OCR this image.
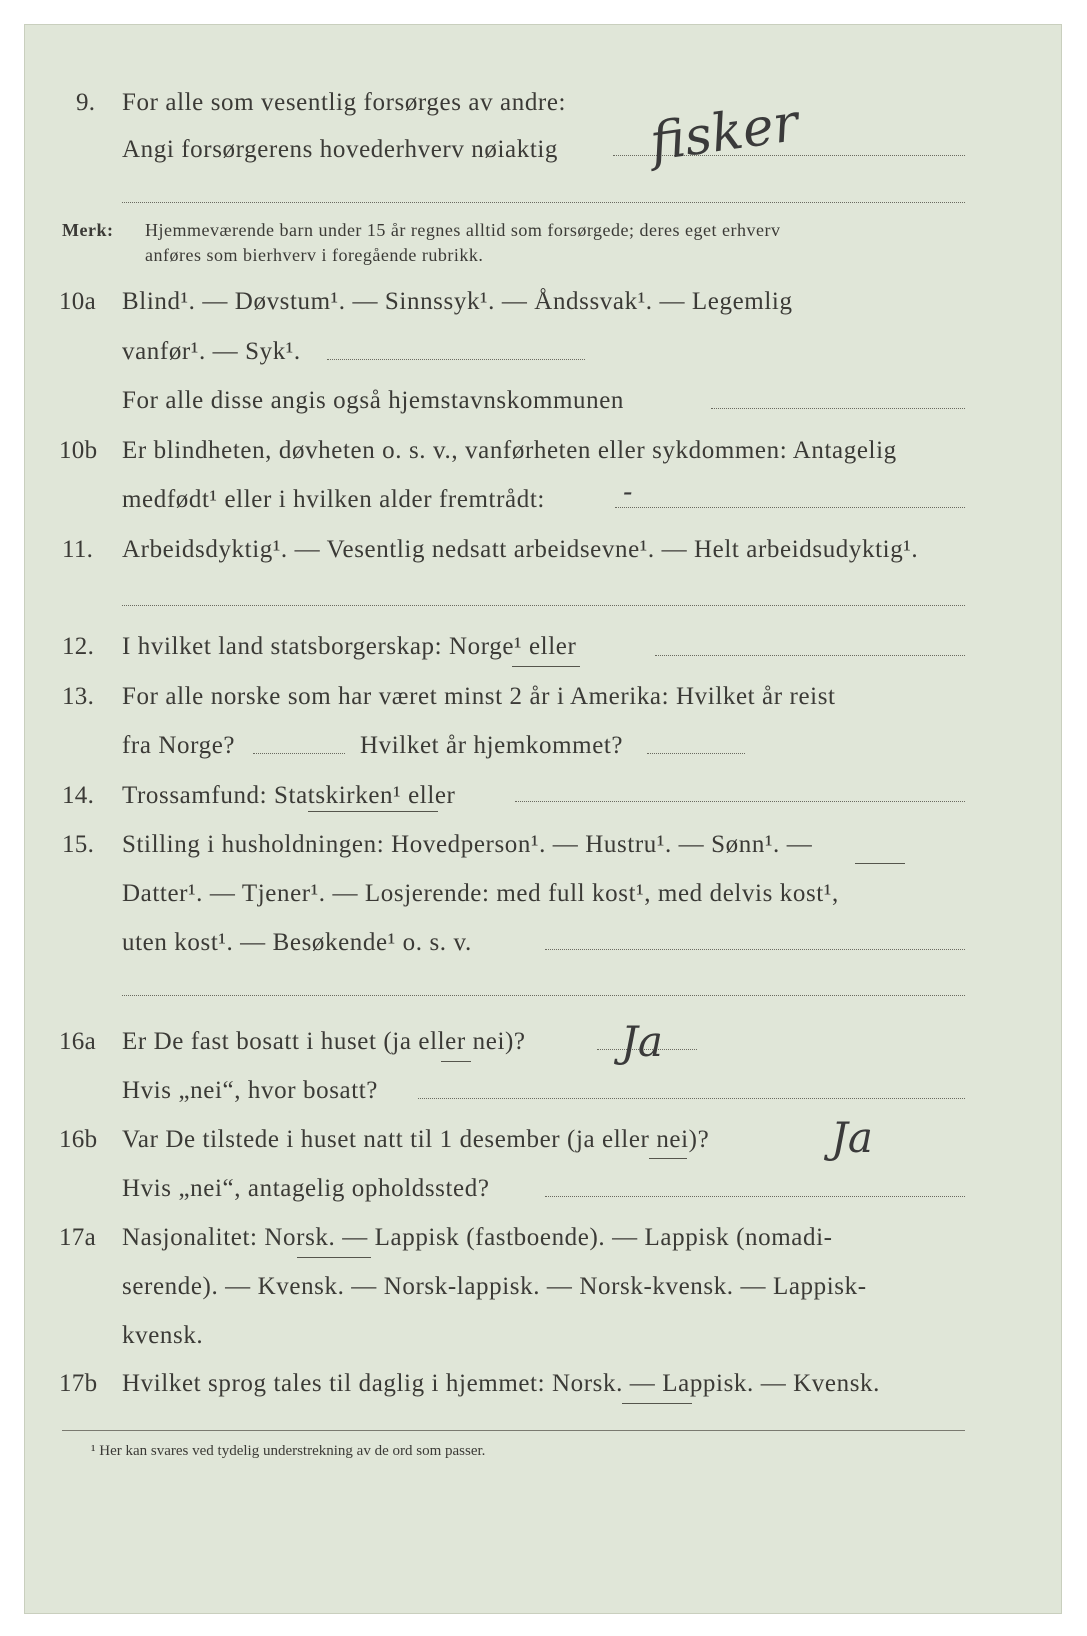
9. For alle som vesentlig forsørges av andre:
Angi forsørgerens hovederhverv nøiaktig fisker
Merk: Hjemmeværende barn under 15 år regnes alltid som forsørgede; deres eget erhverv
anføres som bierhverv i foregående rubrikk.
10a Blind¹. — Døvstum¹. — Sinnssyk¹. — Åndssvak¹. — Legemlig
vanfør¹. — Syk¹.
For alle disse angis også hjemstavnskommunen
10b Er blindheten, døvheten o. s. v., vanførheten eller sykdommen: Antagelig
medfødt¹ eller i hvilken alder fremtrådt:	-
11. Arbeidsdyktig¹. — Vesentlig nedsatt arbeidsevne¹. — Helt arbeidsudyktig¹.
12. I hvilket land statsborgerskap: Norge¹ eller
13. For alle norske som har været minst 2 år i Amerika: Hvilket år reist
fra Norge?	Hvilket år hjemkommet?
14. Trossamfund: Statskirken¹ eller
15. Stilling i husholdningen: Hovedperson¹. — Hustru¹. — Sønn¹. —
Datter¹. — Tjener¹. — Losjerende: med full kost¹, med delvis kost¹,
uten kost¹. — Besøkende¹ o. s. v.
16a Er De fast bosatt i huset (ja eller nei)? Ja
Hvis „nei“, hvor bosatt?
16b Var De tilstede i huset natt til 1 desember (ja eller nei)?	Ja
Hvis „nei“, antagelig opholdssted?
17a Nasjonalitet: Norsk. — Lappisk (fastboende). — Lappisk (nomadi-
serende). — Kvensk. — Norsk-lappisk. — Norsk-kvensk. — Lappisk-
kvensk.
17b Hvilket sprog tales til daglig i hjemmet: Norsk. — Lappisk. — Kvensk.
¹ Her kan svares ved tydelig understrekning av de ord som passer.
